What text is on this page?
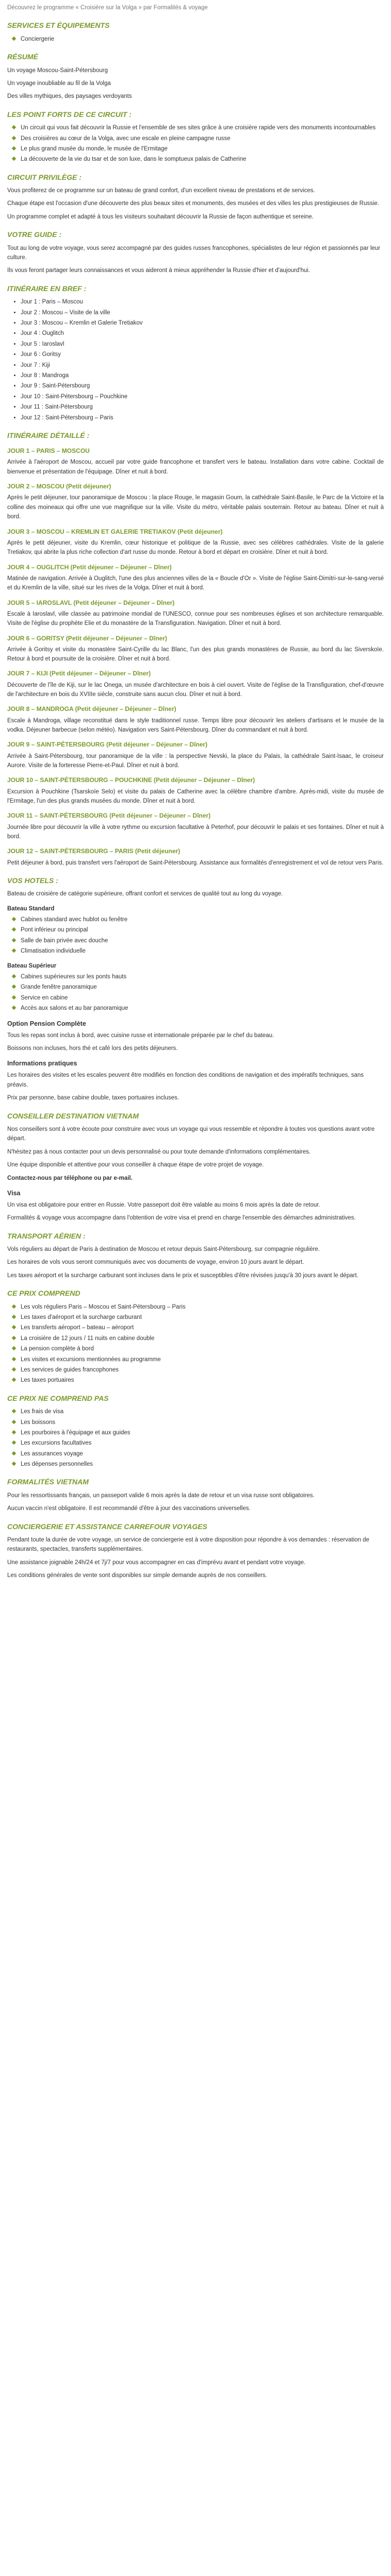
Découvrez le programme « Croisière sur la Volga » par Formalités & voyage

SERVICES ET ÉQUIPEMENTS
Conciergerie
RÉSUMÉ

Un voyage Moscou-Saint-Pétersbourg

Un voyage inoubliable au fil de la Volga

Des villes mythiques, des paysages verdoyants

LES POINT FORTS DE CE CIRCUIT :
Un circuit qui vous fait découvrir la Russie et l'ensemble de ses sites grâce à une croisière rapide vers des monuments incontournables
Des croisières au cœur de la Volga, avec une escale en pleine campagne russe
Le plus grand musée du monde, le musée de l'Ermitage
La découverte de la vie du tsar et de son luxe, dans le somptueux palais de Catherine
CIRCUIT PRIVILÈGE :

Vous profiterez de ce programme sur un bateau de grand confort, d'un excellent niveau de prestations et de services.

Chaque étape est l'occasion d'une découverte des plus beaux sites et monuments, des musées et des villes les plus prestigieuses de Russie.

Un programme complet et adapté à tous les visiteurs souhaitant découvrir la Russie de façon authentique et sereine.

VOTRE GUIDE :

Tout au long de votre voyage, vous serez accompagné par des guides russes francophones, spécialistes de leur région et passionnés par leur culture.

Ils vous feront partager leurs connaissances et vous aideront à mieux appréhender la Russie d'hier et d'aujourd'hui.

ITINÉRAIRE EN BREF :
• Jour 1 : Paris – Moscou
• Jour 2 : Moscou – Visite de la ville
• Jour 3 : Moscou – Kremlin et Galerie Tretiakov
• Jour 4 : Ouglitch
• Jour 5 : Iaroslavl
• Jour 6 : Goritsy
• Jour 7 : Kiji
• Jour 8 : Mandroga
• Jour 9 : Saint-Pétersbourg
• Jour 10 : Saint-Pétersbourg – Pouchkine
• Jour 11 : Saint-Pétersbourg
• Jour 12 : Saint-Pétersbourg – Paris
ITINÉRAIRE DÉTAILLÉ :
JOUR 1 – PARIS – MOSCOU

Arrivée à l'aéroport de Moscou, accueil par votre guide francophone et transfert vers le bateau. Installation dans votre cabine. Cocktail de bienvenue et présentation de l'équipage. Dîner et nuit à bord.

JOUR 2 – MOSCOU (Petit déjeuner)

Après le petit déjeuner, tour panoramique de Moscou : la place Rouge, le magasin Goum, la cathédrale Saint-Basile, le Parc de la Victoire et la colline des moineaux qui offre une vue magnifique sur la ville. Visite du métro, véritable palais souterrain. Retour au bateau. Dîner et nuit à bord.

JOUR 3 – MOSCOU – KREMLIN ET GALERIE TRETIAKOV (Petit déjeuner)

Après le petit déjeuner, visite du Kremlin, cœur historique et politique de la Russie, avec ses célèbres cathédrales. Visite de la galerie Tretiakov, qui abrite la plus riche collection d'art russe du monde. Retour à bord et départ en croisière. Dîner et nuit à bord.

JOUR 4 – OUGLITCH (Petit déjeuner – Déjeuner – Dîner)

Matinée de navigation. Arrivée à Ouglitch, l'une des plus anciennes villes de la « Boucle d'Or ». Visite de l'église Saint-Dimitri-sur-le-sang-versé et du Kremlin de la ville, situé sur les rives de la Volga. Dîner et nuit à bord.

JOUR 5 – IAROSLAVL (Petit déjeuner – Déjeuner – Dîner)

Escale à Iaroslavl, ville classée au patrimoine mondial de l'UNESCO, connue pour ses nombreuses églises et son architecture remarquable. Visite de l'église du prophète Elie et du monastère de la Transfiguration. Navigation. Dîner et nuit à bord.

JOUR 6 – GORITSY (Petit déjeuner – Déjeuner – Dîner)

Arrivée à Goritsy et visite du monastère Saint-Cyrille du lac Blanc, l'un des plus grands monastères de Russie, au bord du lac Siverskoïe. Retour à bord et poursuite de la croisière. Dîner et nuit à bord.

JOUR 7 – KIJI (Petit déjeuner – Déjeuner – Dîner)

Découverte de l'île de Kiji, sur le lac Onega, un musée d'architecture en bois à ciel ouvert. Visite de l'église de la Transfiguration, chef-d'œuvre de l'architecture en bois du XVIIIe siècle, construite sans aucun clou. Dîner et nuit à bord.

JOUR 8 – MANDROGA (Petit déjeuner – Déjeuner – Dîner)

Escale à Mandroga, village reconstitué dans le style traditionnel russe. Temps libre pour découvrir les ateliers d'artisans et le musée de la vodka. Déjeuner barbecue (selon météo). Navigation vers Saint-Pétersbourg. Dîner du commandant et nuit à bord.

JOUR 9 – SAINT-PÉTERSBOURG (Petit déjeuner – Déjeuner – Dîner)

Arrivée à Saint-Pétersbourg, tour panoramique de la ville : la perspective Nevski, la place du Palais, la cathédrale Saint-Isaac, le croiseur Aurore. Visite de la forteresse Pierre-et-Paul. Dîner et nuit à bord.

JOUR 10 – SAINT-PÉTERSBOURG – POUCHKINE (Petit déjeuner – Déjeuner – Dîner)

Excursion à Pouchkine (Tsarskoïe Selo) et visite du palais de Catherine avec la célèbre chambre d'ambre. Après-midi, visite du musée de l'Ermitage, l'un des plus grands musées du monde. Dîner et nuit à bord.

JOUR 11 – SAINT-PÉTERSBOURG (Petit déjeuner – Déjeuner – Dîner)

Journée libre pour découvrir la ville à votre rythme ou excursion facultative à Peterhof, pour découvrir le palais et ses fontaines. Dîner et nuit à bord.

JOUR 12 – SAINT-PÉTERSBOURG – PARIS (Petit déjeuner)

Petit déjeuner à bord, puis transfert vers l'aéroport de Saint-Pétersbourg. Assistance aux formalités d'enregistrement et vol de retour vers Paris.

VOS HOTELS :

Bateau de croisière de catégorie supérieure, offrant confort et services de qualité tout au long du voyage.

Bateau Standard
Cabines standard avec hublot ou fenêtre
Pont inférieur ou principal
Salle de bain privée avec douche
Climatisation individuelle
Bateau Supérieur
Cabines supérieures sur les ponts hauts
Grande fenêtre panoramique
Service en cabine
Accès aux salons et au bar panoramique
Option Pension Complète

Tous les repas sont inclus à bord, avec cuisine russe et internationale préparée par le chef du bateau.

Boissons non incluses, hors thé et café lors des petits déjeuners.

Informations pratiques

Les horaires des visites et les escales peuvent être modifiés en fonction des conditions de navigation et des impératifs techniques, sans préavis.

Prix par personne, base cabine double, taxes portuaires incluses.

CONSEILLER DESTINATION VIETNAM

Nos conseillers sont à votre écoute pour construire avec vous un voyage qui vous ressemble et répondre à toutes vos questions avant votre départ.

N'hésitez pas à nous contacter pour un devis personnalisé ou pour toute demande d'informations complémentaires.

Une équipe disponible et attentive pour vous conseiller à chaque étape de votre projet de voyage.

Contactez-nous par téléphone ou par e-mail.

Visa

Un visa est obligatoire pour entrer en Russie. Votre passeport doit être valable au moins 6 mois après la date de retour.

Formalités & voyage vous accompagne dans l'obtention de votre visa et prend en charge l'ensemble des démarches administratives.

TRANSPORT AÉRIEN :

Vols réguliers au départ de Paris à destination de Moscou et retour depuis Saint-Pétersbourg, sur compagnie régulière.

Les horaires de vols vous seront communiqués avec vos documents de voyage, environ 10 jours avant le départ.

Les taxes aéroport et la surcharge carburant sont incluses dans le prix et susceptibles d'être révisées jusqu'à 30 jours avant le départ.

CE PRIX COMPREND
Les vols réguliers Paris – Moscou et Saint-Pétersbourg – Paris
Les taxes d'aéroport et la surcharge carburant
Les transferts aéroport – bateau – aéroport
La croisière de 12 jours / 11 nuits en cabine double
La pension complète à bord
Les visites et excursions mentionnées au programme
Les services de guides francophones
Les taxes portuaires
CE PRIX NE COMPREND PAS
Les frais de visa
Les boissons
Les pourboires à l'équipage et aux guides
Les excursions facultatives
Les assurances voyage
Les dépenses personnelles
FORMALITÉS VIETNAM

Pour les ressortissants français, un passeport valide 6 mois après la date de retour et un visa russe sont obligatoires.

Aucun vaccin n'est obligatoire. Il est recommandé d'être à jour des vaccinations universelles.

CONCIERGERIE ET ASSISTANCE CARREFOUR VOYAGES

Pendant toute la durée de votre voyage, un service de conciergerie est à votre disposition pour répondre à vos demandes : réservation de restaurants, spectacles, transferts supplémentaires.

Une assistance joignable 24h/24 et 7j/7 pour vous accompagner en cas d'imprévu avant et pendant votre voyage.

Les conditions générales de vente sont disponibles sur simple demande auprès de nos conseillers.
